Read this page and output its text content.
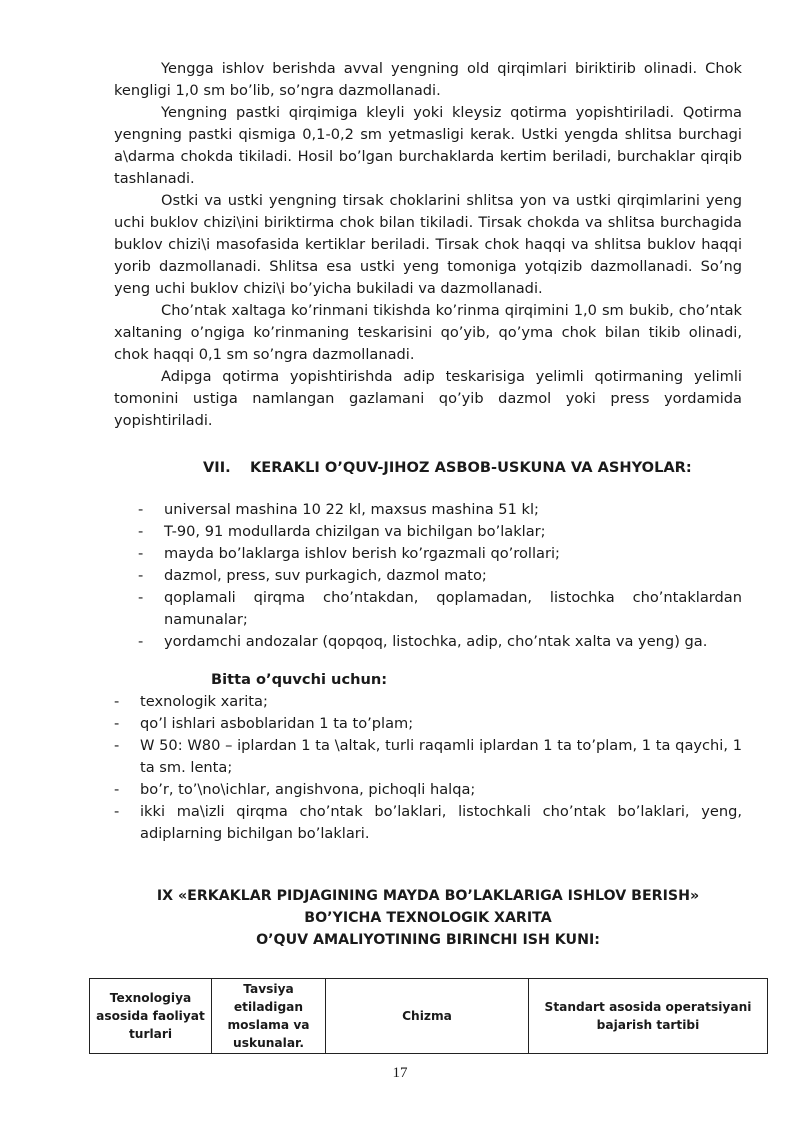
Yengga ishlov berishda avval yengning old qirqimlari biriktirib olinadi. Chok kengligi 1,0 sm bo’lib, so’ngra dazmollanadi.

Yengning pastki qirqimiga kleyli yoki kleysiz qotirma yopishtiriladi. Qotirma yengning pastki qismiga 0,1-0,2 sm yetmasligi kerak. Ustki yengda shlitsa burchagi a\darma chokda tikiladi. Hosil bo’lgan burchaklarda kertim beriladi, burchaklar qirqib tashlanadi.

Ostki va ustki yengning tirsak choklarini shlitsa yon va ustki qirqimlarini yeng uchi buklov chizi\ini biriktirma chok bilan tikiladi. Tirsak chokda va shlitsa burchagida buklov chizi\i masofasida kertiklar beriladi. Tirsak chok haqqi va shlitsa buklov haqqi yorib dazmollanadi. Shlitsa esa ustki yeng tomoniga yotqizib dazmollanadi. So’ng yeng uchi buklov chizi\i bo’yicha bukiladi va dazmollanadi.

Cho’ntak xaltaga ko’rinmani tikishda ko’rinma qirqimini 1,0 sm bukib, cho’ntak xaltaning o’ngiga ko’rinmaning teskarisini qo’yib, qo’yma chok bilan tikib olinadi, chok haqqi 0,1 sm so’ngra dazmollanadi.

Adipga qotirma yopishtirishda adip teskarisiga yelimli qotirmaning yelimli tomonini ustiga namlangan gazlamani qo’yib dazmol yoki press yordamida yopishtiriladi.

VII. KERAKLI O’QUV-JIHOZ ASBOB-USKUNA VA ASHYOLAR:
- universal mashina 10 22 kl, maxsus mashina 51 kl;
- T-90, 91 modullarda chizilgan va bichilgan bo’laklar;
- mayda bo’laklarga ishlov berish ko’rgazmali qo’rollari;
- dazmol, press, suv purkagich, dazmol mato;
- qoplamali qirqma cho’ntakdan, qoplamadan, listochka cho’ntaklardan namunalar;
- yordamchi andozalar (qopqoq, listochka, adip, cho’ntak xalta va yeng) ga.
Bitta o’quvchi uchun:
- texnologik xarita;
- qo’l ishlari asboblaridan 1 ta to’plam;
- W 50: W80 – iplardan 1 ta \altak, turli raqamli iplardan 1 ta to’plam, 1 ta qaychi, 1 ta sm. lenta;
- bo’r, to’\no\ichlar, angishvona, pichoqli halqa;
- ikki ma\izli qirqma cho’ntak bo’laklari, listochkali cho’ntak bo’laklari, yeng, adiplarning bichilgan bo’laklari.
IX «ERKAKLAR PIDJAGINING MAYDA BO’LAKLARIGA ISHLOV BERISH»
BO’YICHA TEXNOLOGIK XARITA
O’QUV AMALIYOTINING BIRINCHI ISH KUNI:
Texnologiya asosida faoliyat turlari	Tavsiya etiladigan moslama va uskunalar.	Chizma	Standart asosida operatsiyani bajarish tartibi
17
